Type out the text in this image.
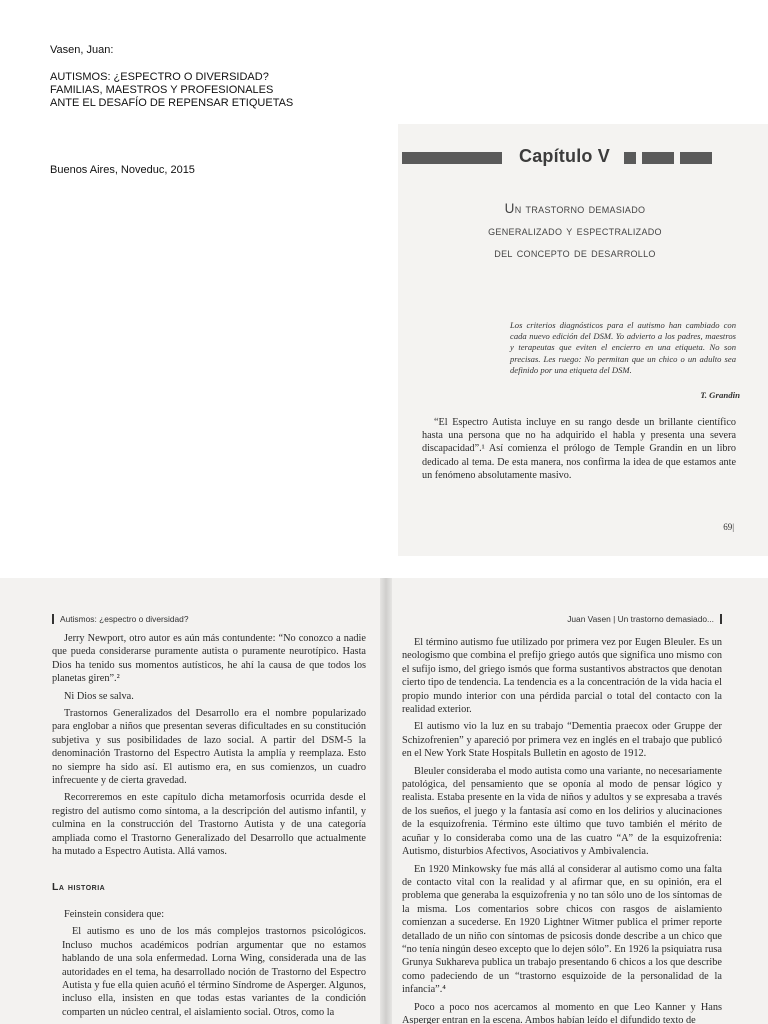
Vasen, Juan:

AUTISMOS: ¿ESPECTRO O DIVERSIDAD?

FAMILIAS, MAESTROS Y PROFESIONALES

ANTE EL DESAFÍO DE REPENSAR ETIQUETAS

Buenos Aires, Noveduc, 2015

Capítulo V
Un trastorno demasiado
generalizado y espectralizado
del concepto de desarrollo
Los criterios diagnósticos para el autismo han cambiado con cada nuevo edición del DSM. Yo advierto a los padres, maestros y terapeutas que eviten el encierro en una etiqueta. No son precisas. Les ruego: No permitan que un chico o un adulto sea definido por una etiqueta del DSM.
T. Grandin
“El Espectro Autista incluye en su rango desde un brillante científico hasta una persona que no ha adquirido el habla y presenta una severa discapacidad”.¹ Así comienza el prólogo de Temple Grandin en un libro dedicado al tema. De esta manera, nos confirma la idea de que estamos ante un fenómeno absolutamente masivo.
69|
Autismos: ¿espectro o diversidad?	Juan Vasen | Un trastorno demasiado...

Jerry Newport, otro autor es aún más contundente: “No conozco a nadie que pueda considerarse puramente autista o puramente neurotípico. Hasta Dios ha tenido sus momentos autísticos, he ahí la causa de que todos los planetas giren”.²

Ni Dios se salva.

Trastornos Generalizados del Desarrollo era el nombre popularizado para englobar a niños que presentan severas dificultades en su constitución subjetiva y sus posibilidades de lazo social. A partir del DSM-5 la denominación Trastorno del Espectro Autista la amplía y reemplaza. Esto no siempre ha sido así. El autismo era, en sus comienzos, un cuadro infrecuente y de cierta gravedad.

Recorreremos en este capítulo dicha metamorfosis ocurrida desde el registro del autismo como síntoma, a la descripción del autismo infantil, y culmina en la construcción del Trastorno Autista y de una categoría ampliada como el Trastorno Generalizado del Desarrollo que actualmente ha mutado a Espectro Autista. Allá vamos.

La historia

Feinstein considera que:

El autismo es uno de los más complejos trastornos psicológicos. Incluso muchos académicos podrían argumentar que no estamos hablando de una sola enfermedad. Lorna Wing, considerada una de las autoridades en el tema, ha desarrollado noción de Trastorno del Espectro Autista y fue ella quien acuñó el término Síndrome de Asperger. Algunos, incluso ella, insisten en que todas estas variantes de la condición comparten un núcleo central, el aislamiento social. Otros, como la

El término autismo fue utilizado por primera vez por Eugen Bleuler. Es un neologismo que combina el prefijo griego autós que significa uno mismo con el sufijo ismo, del griego ismós que forma sustantivos abstractos que denotan cierto tipo de tendencia. La tendencia es a la concentración de la vida hacia el propio mundo interior con una pérdida parcial o total del contacto con la realidad exterior.

El autismo vio la luz en su trabajo “Dementia praecox oder Gruppe der Schizofrenien” y apareció por primera vez en inglés en el trabajo que publicó en el New York State Hospitals Bulletin en agosto de 1912.

Bleuler consideraba el modo autista como una variante, no necesariamente patológica, del pensamiento que se oponía al modo de pensar lógico y realista. Estaba presente en la vida de niños y adultos y se expresaba a través de los sueños, el juego y la fantasía así como en los delirios y alucinaciones de la esquizofrenia. Término este último que tuvo también el mérito de acuñar y lo consideraba como una de las cuatro “A” de la esquizofrenia: Autismo, disturbios Afectivos, Asociativos y Ambivalencia.

En 1920 Minkowsky fue más allá al considerar al autismo como una falta de contacto vital con la realidad y al afirmar que, en su opinión, era el problema que generaba la esquizofrenia y no tan sólo uno de los síntomas de la misma. Los comentarios sobre chicos con rasgos de aislamiento comienzan a sucederse. En 1920 Lightner Witmer publica el primer reporte detallado de un niño con síntomas de psicosis donde describe a un chico que “no tenía ningún deseo excepto que lo dejen sólo”. En 1926 la psiquiatra rusa Grunya Sukhareva publica un trabajo presentando 6 chicos a los que describe como padeciendo de un “trastorno esquizoide de la personalidad de la infancia”.⁴

Poco a poco nos acercamos al momento en que Leo Kanner y Hans Asperger entran en la escena. Ambos habían leído el difundido texto de
